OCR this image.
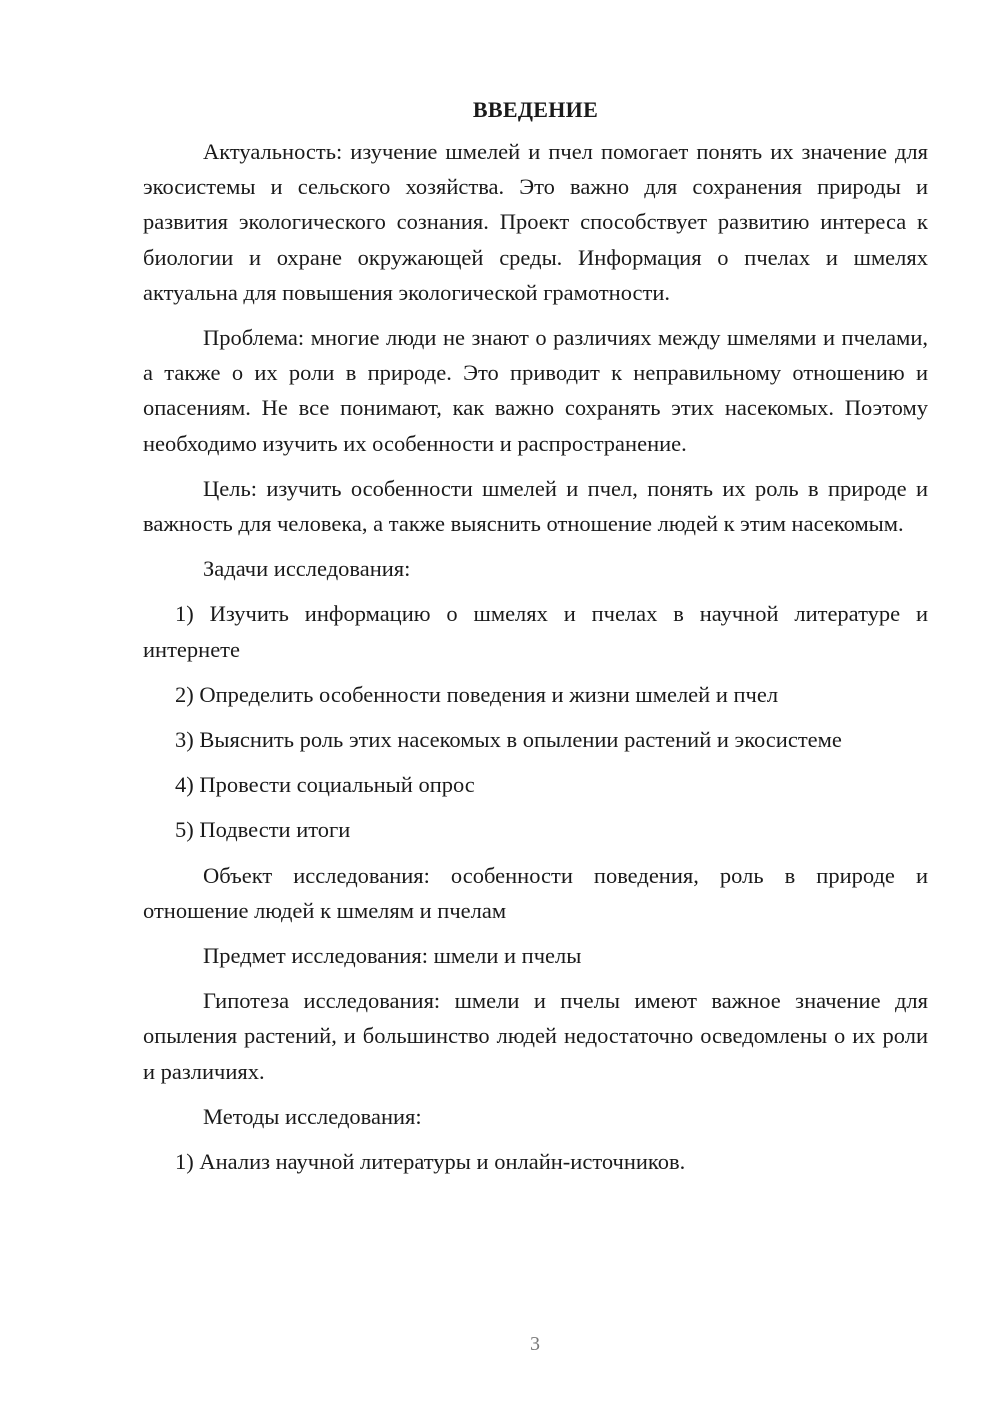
ВВЕДЕНИЕ

Актуальность: изучение шмелей и пчел помогает понять их значение для экосистемы и сельского хозяйства. Это важно для сохранения природы и развития экологического сознания. Проект способствует развитию интереса к биологии и охране окружающей среды. Информация о пчелах и шмелях актуальна для повышения экологической грамотности.

Проблема: многие люди не знают о различиях между шмелями и пчелами, а также о их роли в природе. Это приводит к неправильному отношению и опасениям. Не все понимают, как важно сохранять этих насекомых. Поэтому необходимо изучить их особенности и распространение.

Цель: изучить особенности шмелей и пчел, понять их роль в природе и важность для человека, а также выяснить отношение людей к этим насекомым.

Задачи исследования:

1) Изучить информацию о шмелях и пчелах в научной литературе и интернете

2) Определить особенности поведения и жизни шмелей и пчел

3) Выяснить роль этих насекомых в опылении растений и экосистеме

4) Провести социальный опрос

5) Подвести итоги

Объект исследования: особенности поведения, роль в природе и отношение людей к шмелям и пчелам

Предмет исследования: шмели и пчелы

Гипотеза исследования: шмели и пчелы имеют важное значение для опыления растений, и большинство людей недостаточно осведомлены о их роли и различиях.

Методы исследования:

1) Анализ научной литературы и онлайн-источников.

3
